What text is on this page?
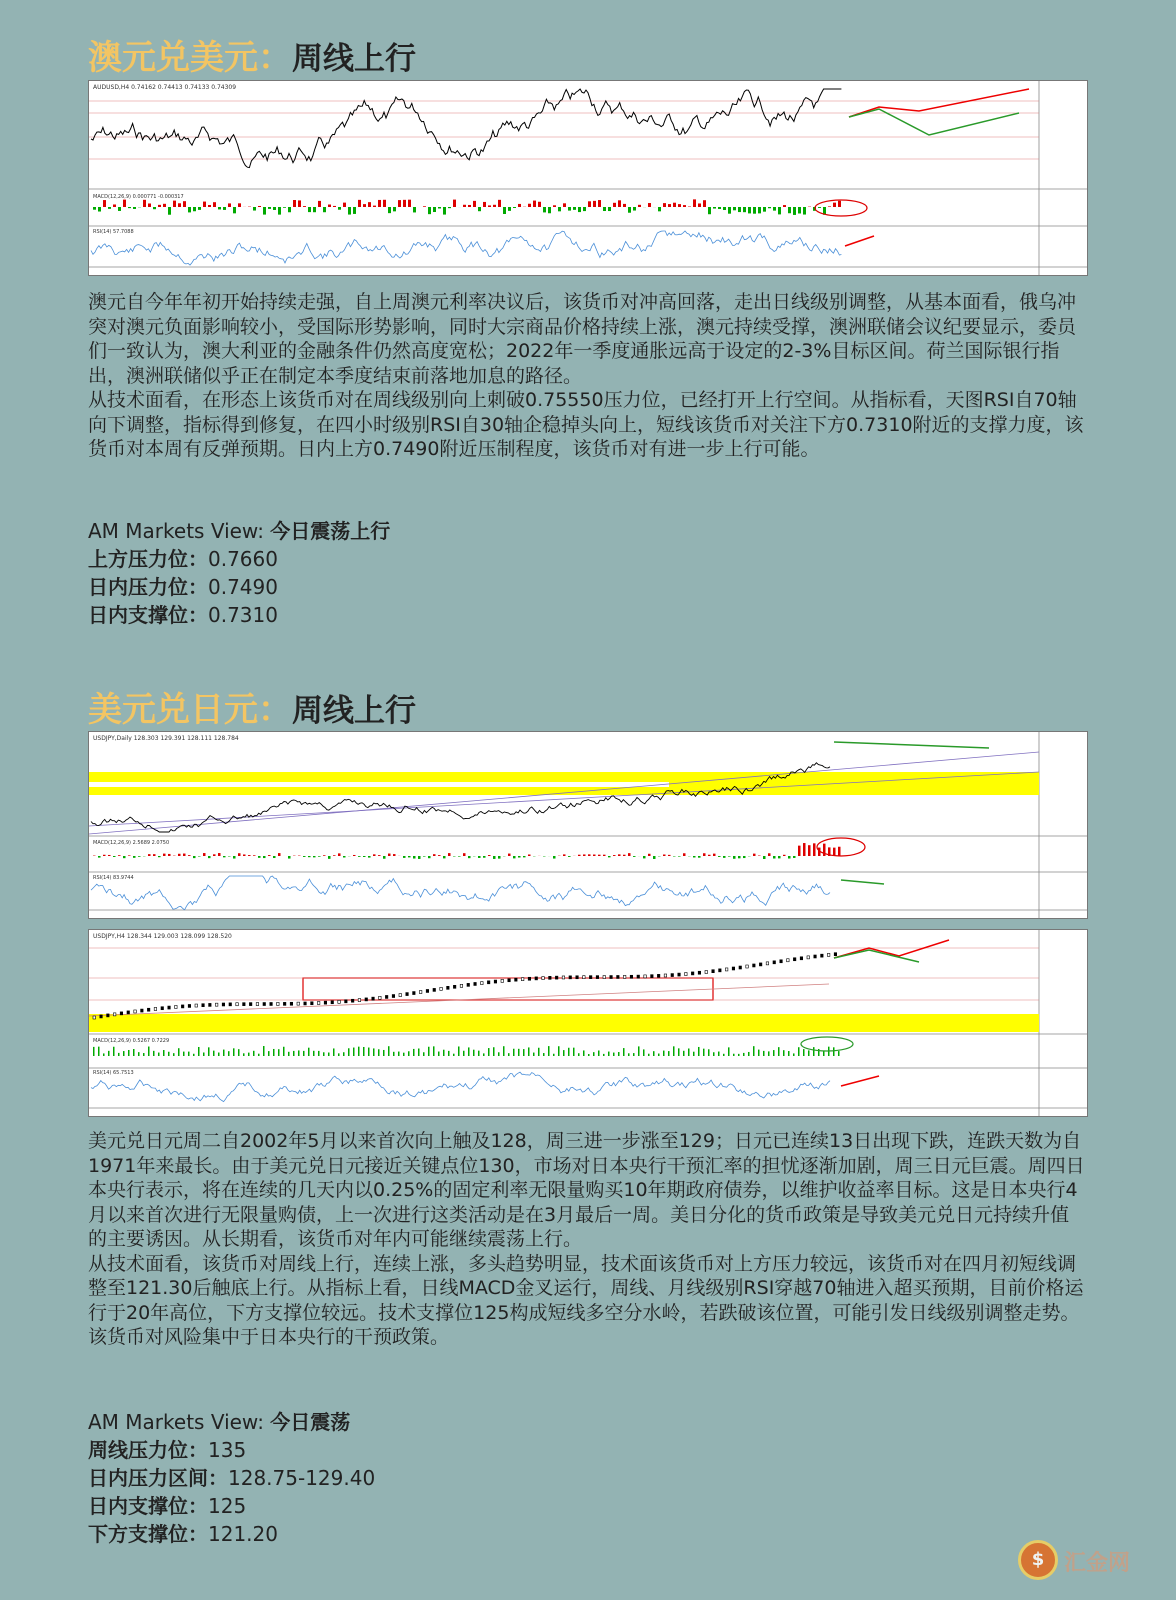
澳元兑美元：周线上行
AUDUSD,H4 0.74162 0.74413 0.74133 0.74309
MACD(12,26,9) 0.000771 -0.000317
RSI(14) 57.7088

澳元自今年年初开始持续走强，自上周澳元利率决议后，该货币对冲高回落，走出日线级别调整，从基本面看，俄乌冲突对澳元负面影响较小，受国际形势影响，同时大宗商品价格持续上涨，澳元持续受撑，澳洲联储会议纪要显示，委员们一致认为，澳大利亚的金融条件仍然高度宽松；2022年一季度通胀远高于设定的2-3%目标区间。荷兰国际银行指出，澳洲联储似乎正在制定本季度结束前落地加息的路径。

从技术面看，在形态上该货币对在周线级别向上刺破0.75550压力位，已经打开上行空间。从指标看，天图RSI自70轴向下调整，指标得到修复，在四小时级别RSI自30轴企稳掉头向上，短线该货币对关注下方0.7310附近的支撑力度，该货币对本周有反弹预期。日内上方0.7490附近压制程度，该货币对有进一步上行可能。

AM Markets View: 今日震荡上行
上方压力位：0.7660
日内压力位：0.7490
日内支撑位：0.7310
美元兑日元：周线上行
USDJPY,Daily 128.303 129.391 128.111 128.784
MACD(12,26,9) 2.5689 2.0750
RSI(14) 83.9744
USDJPY,H4 128.344 129.003 128.099 128.520
MACD(12,26,9) 0.5267 0.7229
RSI(14) 65.7513

美元兑日元周二自2002年5月以来首次向上触及128，周三进一步涨至129；日元已连续13日出现下跌，连跌天数为自1971年来最长。由于美元兑日元接近关键点位130，市场对日本央行干预汇率的担忧逐渐加剧，周三日元巨震。周四日本央行表示，将在连续的几天内以0.25%的固定利率无限量购买10年期政府债券，以维护收益率目标。这是日本央行4月以来首次进行无限量购债，上一次进行这类活动是在3月最后一周。美日分化的货币政策是导致美元兑日元持续升值的主要诱因。从长期看，该货币对年内可能继续震荡上行。

从技术面看，该货币对周线上行，连续上涨，多头趋势明显，技术面该货币对上方压力较远，该货币对在四月初短线调整至121.30后触底上行。从指标上看，日线MACD金叉运行，周线、月线级别RSI穿越70轴进入超买预期，目前价格运行于20年高位，下方支撑位较远。技术支撑位125构成短线多空分水岭，若跌破该位置，可能引发日线级别调整走势。该货币对风险集中于日本央行的干预政策。

AM Markets View: 今日震荡
周线压力位：135
日内压力区间：128.75-129.40
日内支撑位：125
下方支撑位：121.20
$ 汇金网
